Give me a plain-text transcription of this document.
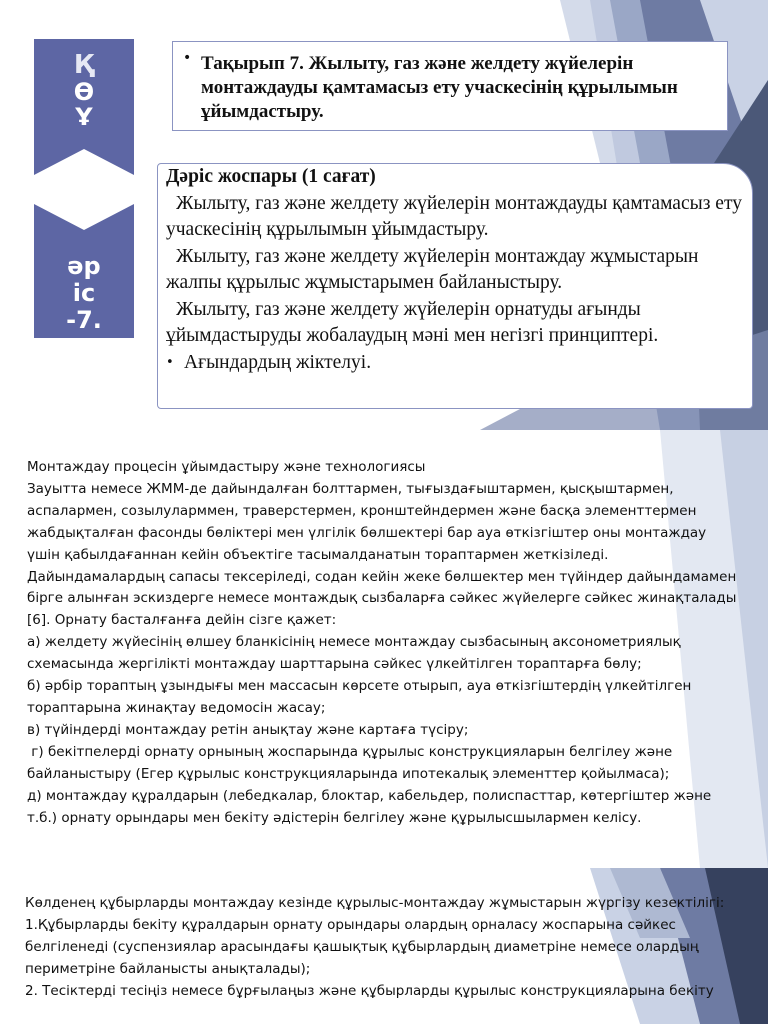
Қ
Ө
Ұ
әр
іс
-7.
• Тақырып 7. Жылыту, газ және желдету жүйелерін монтаждауды қамтамасыз ету учаскесінің құрылымын ұйымдастыру.
Дәріс жоспары (1 сағат)
Жылыту, газ және желдету жүйелерін монтаждауды қамтамасыз ету учаскесінің құрылымын ұйымдастыру.
Жылыту, газ және желдету жүйелерін монтаждау жұмыстарын жалпы құрылыс жұмыстарымен байланыстыру.
Жылыту, газ және желдету жүйелерін орнатуды ағынды ұйымдастыруды жобалаудың мәні мен негізгі принциптері.
• Ағындардың жіктелуі.

Монтаждау процесін ұйымдастыру және технологиясы

Зауытта немесе ЖММ-де дайындалған болттармен, тығыздағыштармен, қысқыштармен, аспалармен, созылуларммен, траверстермен, кронштейндермен және басқа элементтермен жабдықталған фасонды бөліктері мен үлгілік бөлшектері бар ауа өткізгіштер оны монтаждау үшін қабылдағаннан кейін объектіге тасымалданатын тораптармен жеткізіледі. Дайындамалардың сапасы тексеріледі, содан кейін жеке бөлшектер мен түйіндер дайындамамен бірге алынған эскиздерге немесе монтаждық сызбаларға сәйкес жүйелерге сәйкес жинақталады [6]. Орнату басталғанға дейін сізге қажет:

а) желдету жүйесінің өлшеу бланкісінің немесе монтаждау сызбасының аксонометриялық схемасында жергілікті монтаждау шарттарына сәйкес үлкейтілген тораптарға бөлу;

б) әрбір тораптың ұзындығы мен массасын көрсете отырып, ауа өткізгіштердің үлкейтілген тораптарына жинақтау ведомосін жасау;

в) түйіндерді монтаждау ретін анықтау және картаға түсіру;

г) бекітпелерді орнату орнының жоспарында құрылыс конструкцияларын белгілеу және байланыстыру (Егер құрылыс конструкцияларында ипотекалық элементтер қойылмаса);

д) монтаждау құралдарын (лебедкалар, блоктар, кабельдер, полиспасттар, көтергіштер және т.б.) орнату орындары мен бекіту әдістерін белгілеу және құрылысшылармен келісу.

Көлденең құбырларды монтаждау кезінде құрылыс-монтаждау жұмыстарын жүргізу кезектілігі:

1.Құбырларды бекіту құралдарын орнату орындары олардың орналасу жоспарына сәйкес белгіленеді (суспензиялар арасындағы қашықтық құбырлардың диаметріне немесе олардың периметріне байланысты анықталады);

2. Тесіктерді тесіңіз немесе бұрғылаңыз және құбырларды құрылыс конструкцияларына бекіту
